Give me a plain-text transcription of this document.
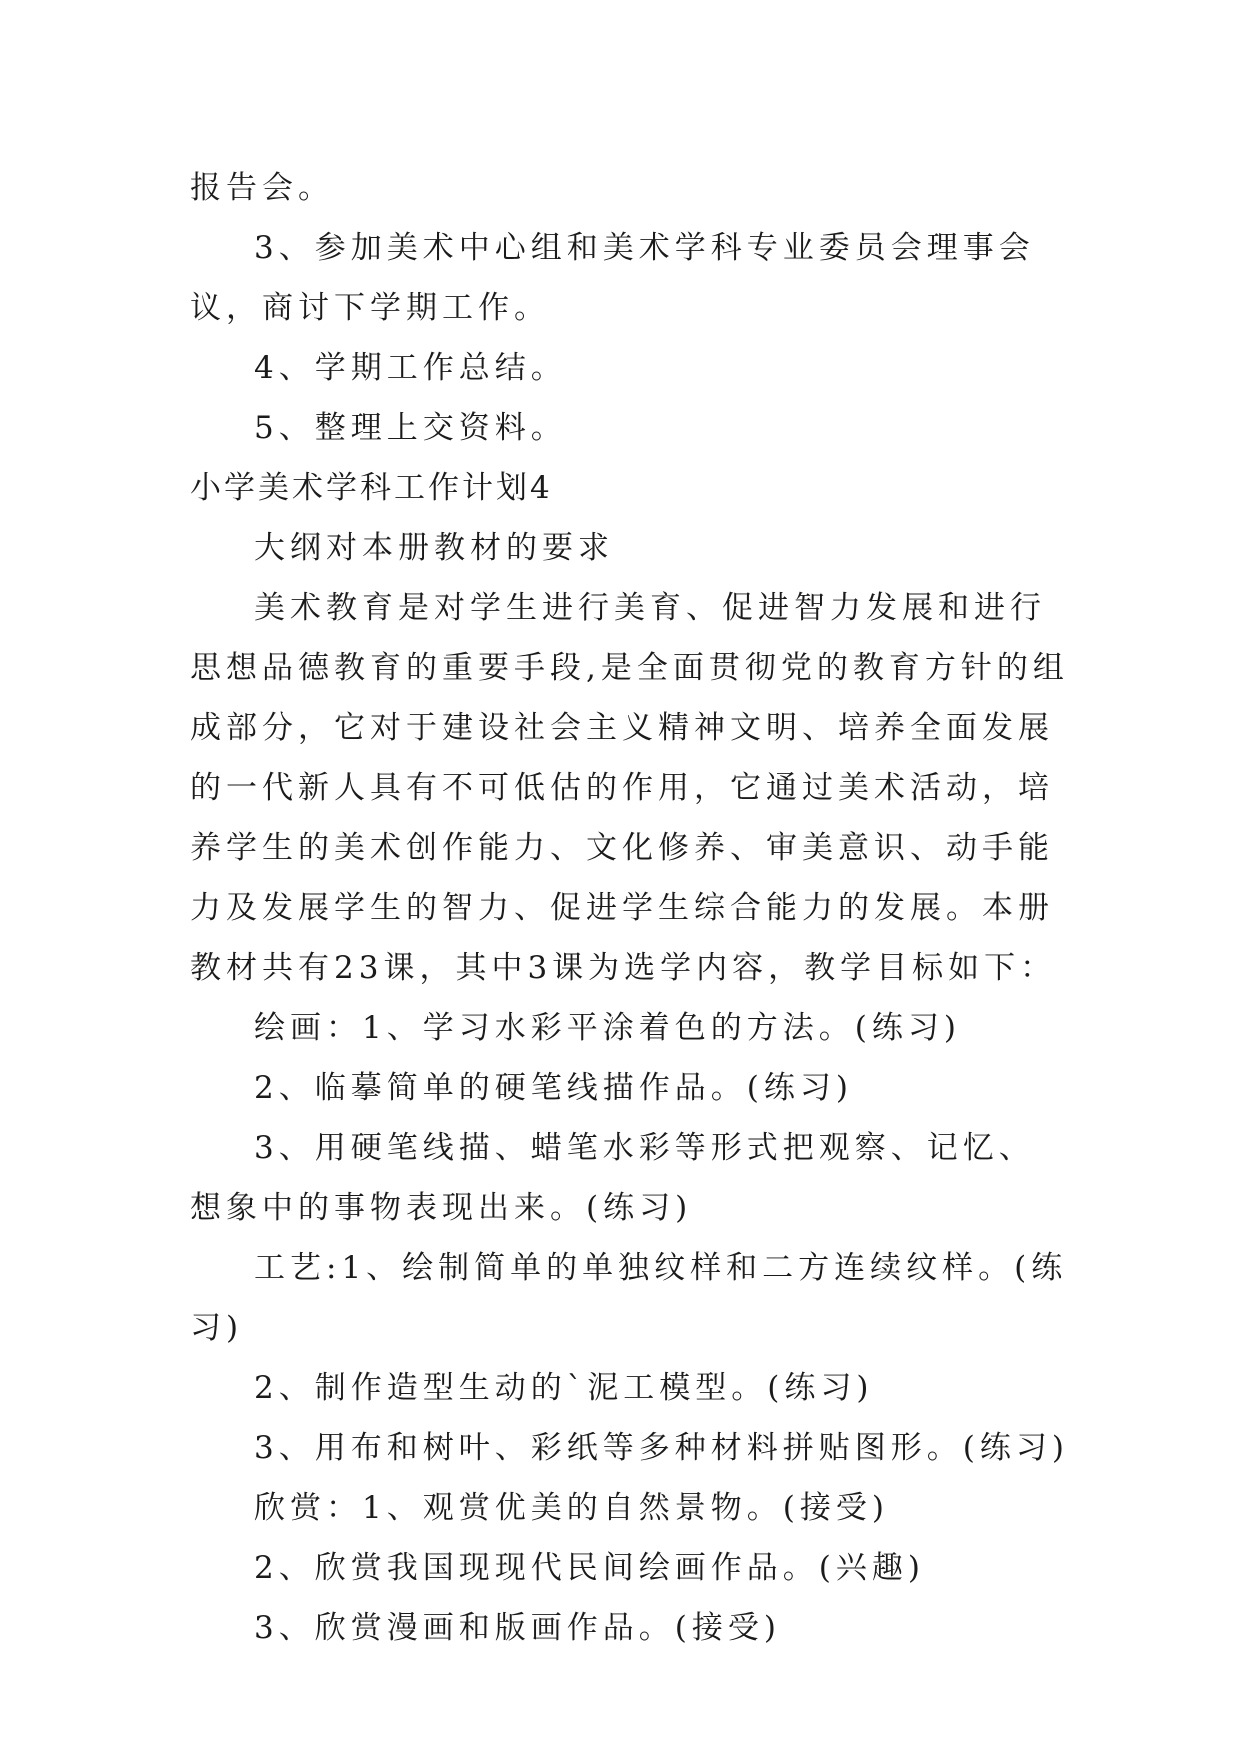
报告会。

3、参加美术中心组和美术学科专业委员会理事会议，商讨下学期工作。

4、学期工作总结。

5、整理上交资料。

小学美术学科工作计划4

大纲对本册教材的要求

美术教育是对学生进行美育、促进智力发展和进行思想品德教育的重要手段,是全面贯彻党的教育方针的组成部分，它对于建设社会主义精神文明、培养全面发展的一代新人具有不可低估的作用，它通过美术活动，培养学生的美术创作能力、文化修养、审美意识、动手能力及发展学生的智力、促进学生综合能力的发展。本册教材共有23课，其中3课为选学内容，教学目标如下：

绘画：1、学习水彩平涂着色的方法。(练习)

2、临摹简单的硬笔线描作品。(练习)

3、用硬笔线描、蜡笔水彩等形式把观察、记忆、想象中的事物表现出来。(练习)

工艺:1、绘制简单的单独纹样和二方连续纹样。(练习)

2、制作造型生动的`泥工模型。(练习)

3、用布和树叶、彩纸等多种材料拼贴图形。(练习)

欣赏：1、观赏优美的自然景物。(接受)

2、欣赏我国现现代民间绘画作品。(兴趣)

3、欣赏漫画和版画作品。(接受)
